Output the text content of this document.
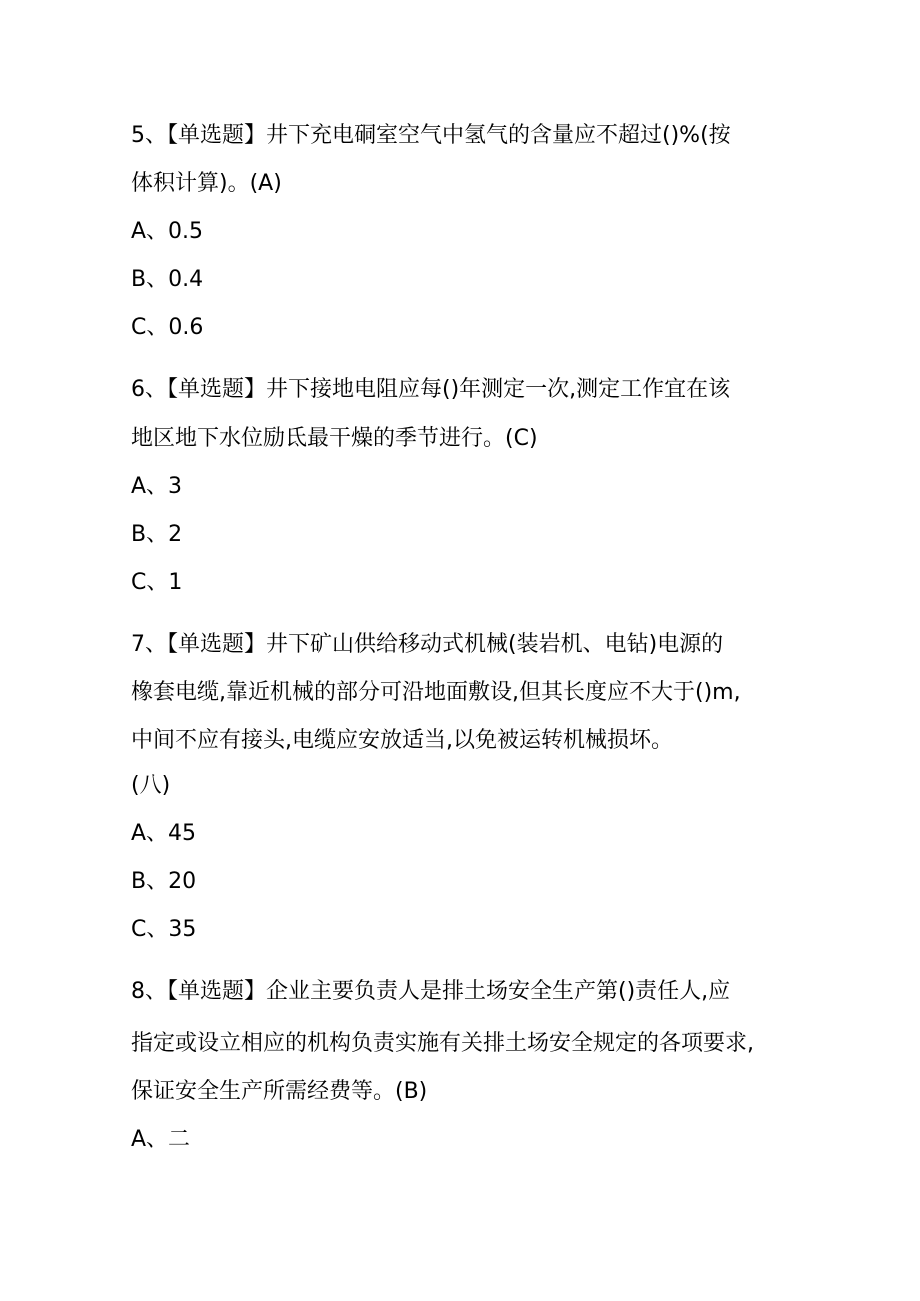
5、【单选题】井下充电硐室空气中氢气的含量应不超过()%(按
体积计算)。(A)
A、0.5
B、0.4
C、0.6
6、【单选题】井下接地电阻应每()年测定一次,测定工作宜在该
地区地下水位励氐最干燥的季节进行。(C)
A、3
B、2
C、1
7、【单选题】井下矿山供给移动式机械(装岩机、电钻)电源的
橡套电缆,靠近机械的部分可沿地面敷设,但其长度应不大于()m,
中间不应有接头,电缆应安放适当,以免被运转机械损坏。
(八)
A、45
B、20
C、35
8、【单选题】企业主要负责人是排土场安全生产第()责任人,应
指定或设立相应的机构负责实施有关排土场安全规定的各项要求,
保证安全生产所需经费等。(B)
A、二
